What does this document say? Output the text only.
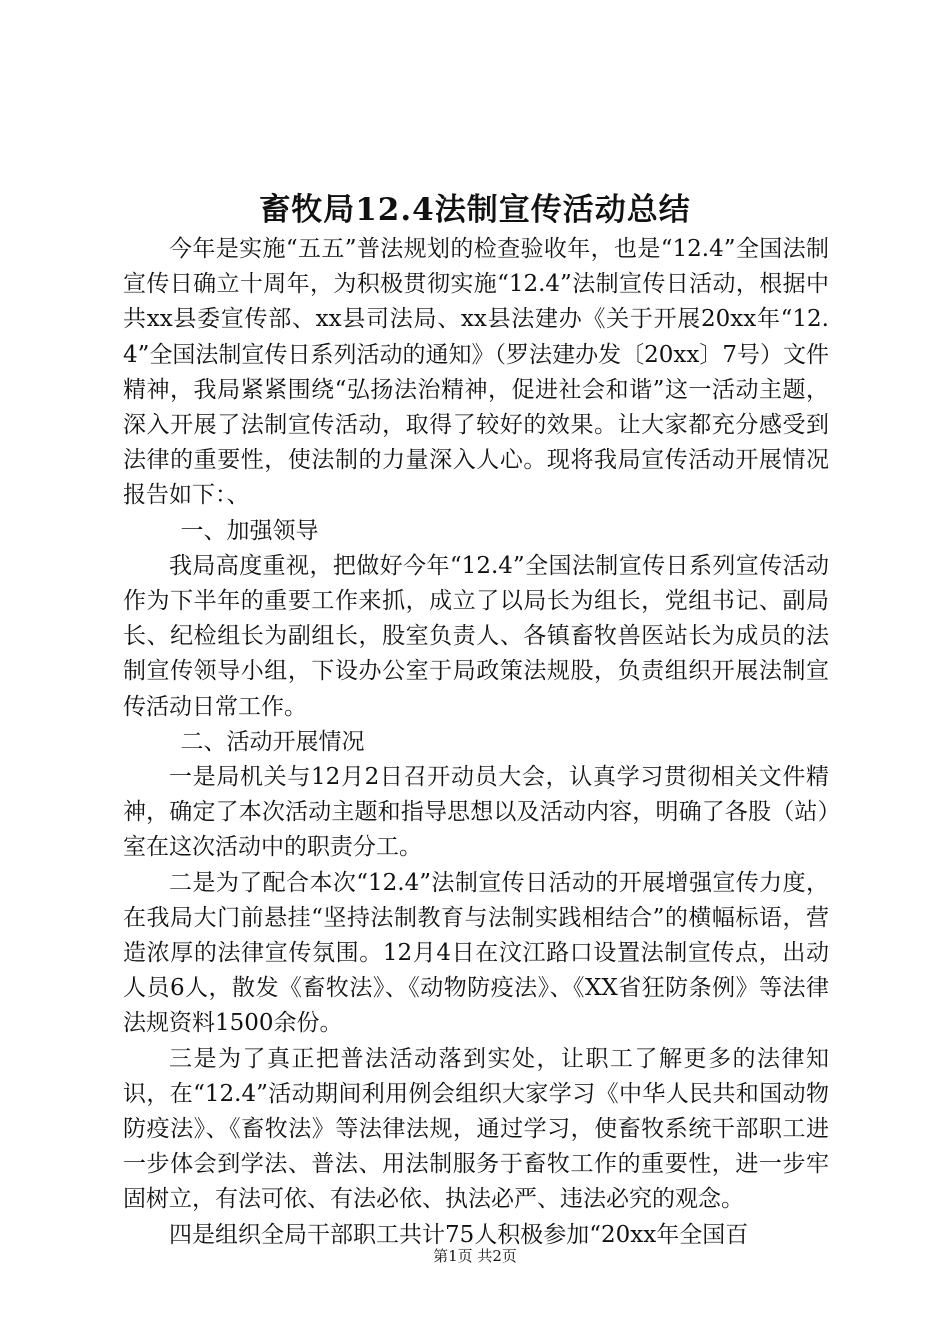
畜牧局12.4法制宣传活动总结

今年是实施“五五”普法规划的检查验收年，也是“12.4”全国法制宣传日确立十周年，为积极贯彻实施“12.4”法制宣传日活动，根据中共xx县委宣传部、xx县司法局、xx县法建办《关于开展20xx年“12.4”全国法制宣传日系列活动的通知》（罗法建办发〔20xx〕7号）文件精神，我局紧紧围绕“弘扬法治精神，促进社会和谐”这一活动主题，深入开展了法制宣传活动，取得了较好的效果。让大家都充分感受到法律的重要性，使法制的力量深入人心。现将我局宣传活动开展情况报告如下：、

一、加强领导

我局高度重视，把做好今年“12.4”全国法制宣传日系列宣传活动作为下半年的重要工作来抓，成立了以局长为组长，党组书记、副局长、纪检组长为副组长，股室负责人、各镇畜牧兽医站长为成员的法制宣传领导小组，下设办公室于局政策法规股，负责组织开展法制宣传活动日常工作。

二、活动开展情况

一是局机关与12月2日召开动员大会，认真学习贯彻相关文件精神，确定了本次活动主题和指导思想以及活动内容，明确了各股（站）室在这次活动中的职责分工。

二是为了配合本次“12.4”法制宣传日活动的开展增强宣传力度，在我局大门前悬挂“坚持法制教育与法制实践相结合”的横幅标语，营造浓厚的法律宣传氛围。12月4日在汶江路口设置法制宣传点，出动人员6人，散发《畜牧法》、《动物防疫法》、《XX省狂防条例》等法律法规资料1500余份。

三是为了真正把普法活动落到实处，让职工了解更多的法律知识，在“12.4”活动期间利用例会组织大家学习《中华人民共和国动物防疫法》、《畜牧法》等法律法规，通过学习，使畜牧系统干部职工进一步体会到学法、普法、用法制服务于畜牧工作的重要性，进一步牢固树立，有法可依、有法必依、执法必严、违法必究的观念。

四是组织全局干部职工共计75人积极参加“20xx年全国百

第1页 共2页
